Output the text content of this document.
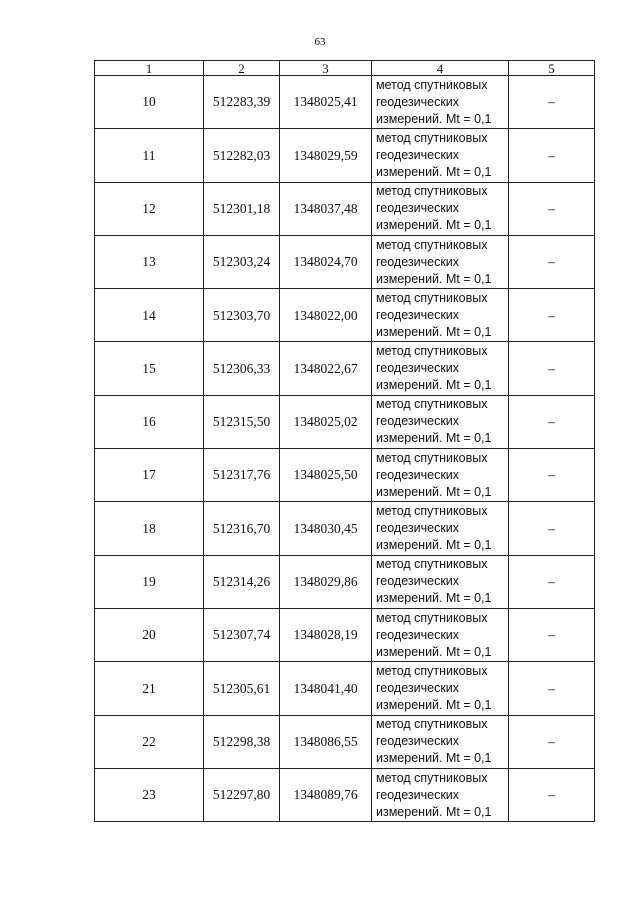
63
1	2	3	4	5
10	512283,39	1348025,41	метод спутниковых
геодезических
измерений. Mt = 0,1	–
11	512282,03	1348029,59	метод спутниковых
геодезических
измерений. Mt = 0,1	–
12	512301,18	1348037,48	метод спутниковых
геодезических
измерений. Mt = 0,1	–
13	512303,24	1348024,70	метод спутниковых
геодезических
измерений. Mt = 0,1	–
14	512303,70	1348022,00	метод спутниковых
геодезических
измерений. Mt = 0,1	–
15	512306,33	1348022,67	метод спутниковых
геодезических
измерений. Mt = 0,1	–
16	512315,50	1348025,02	метод спутниковых
геодезических
измерений. Mt = 0,1	–
17	512317,76	1348025,50	метод спутниковых
геодезических
измерений. Mt = 0,1	–
18	512316,70	1348030,45	метод спутниковых
геодезических
измерений. Mt = 0,1	–
19	512314,26	1348029,86	метод спутниковых
геодезических
измерений. Mt = 0,1	–
20	512307,74	1348028,19	метод спутниковых
геодезических
измерений. Mt = 0,1	–
21	512305,61	1348041,40	метод спутниковых
геодезических
измерений. Mt = 0,1	–
22	512298,38	1348086,55	метод спутниковых
геодезических
измерений. Mt = 0,1	–
23	512297,80	1348089,76	метод спутниковых
геодезических
измерений. Mt = 0,1	–
